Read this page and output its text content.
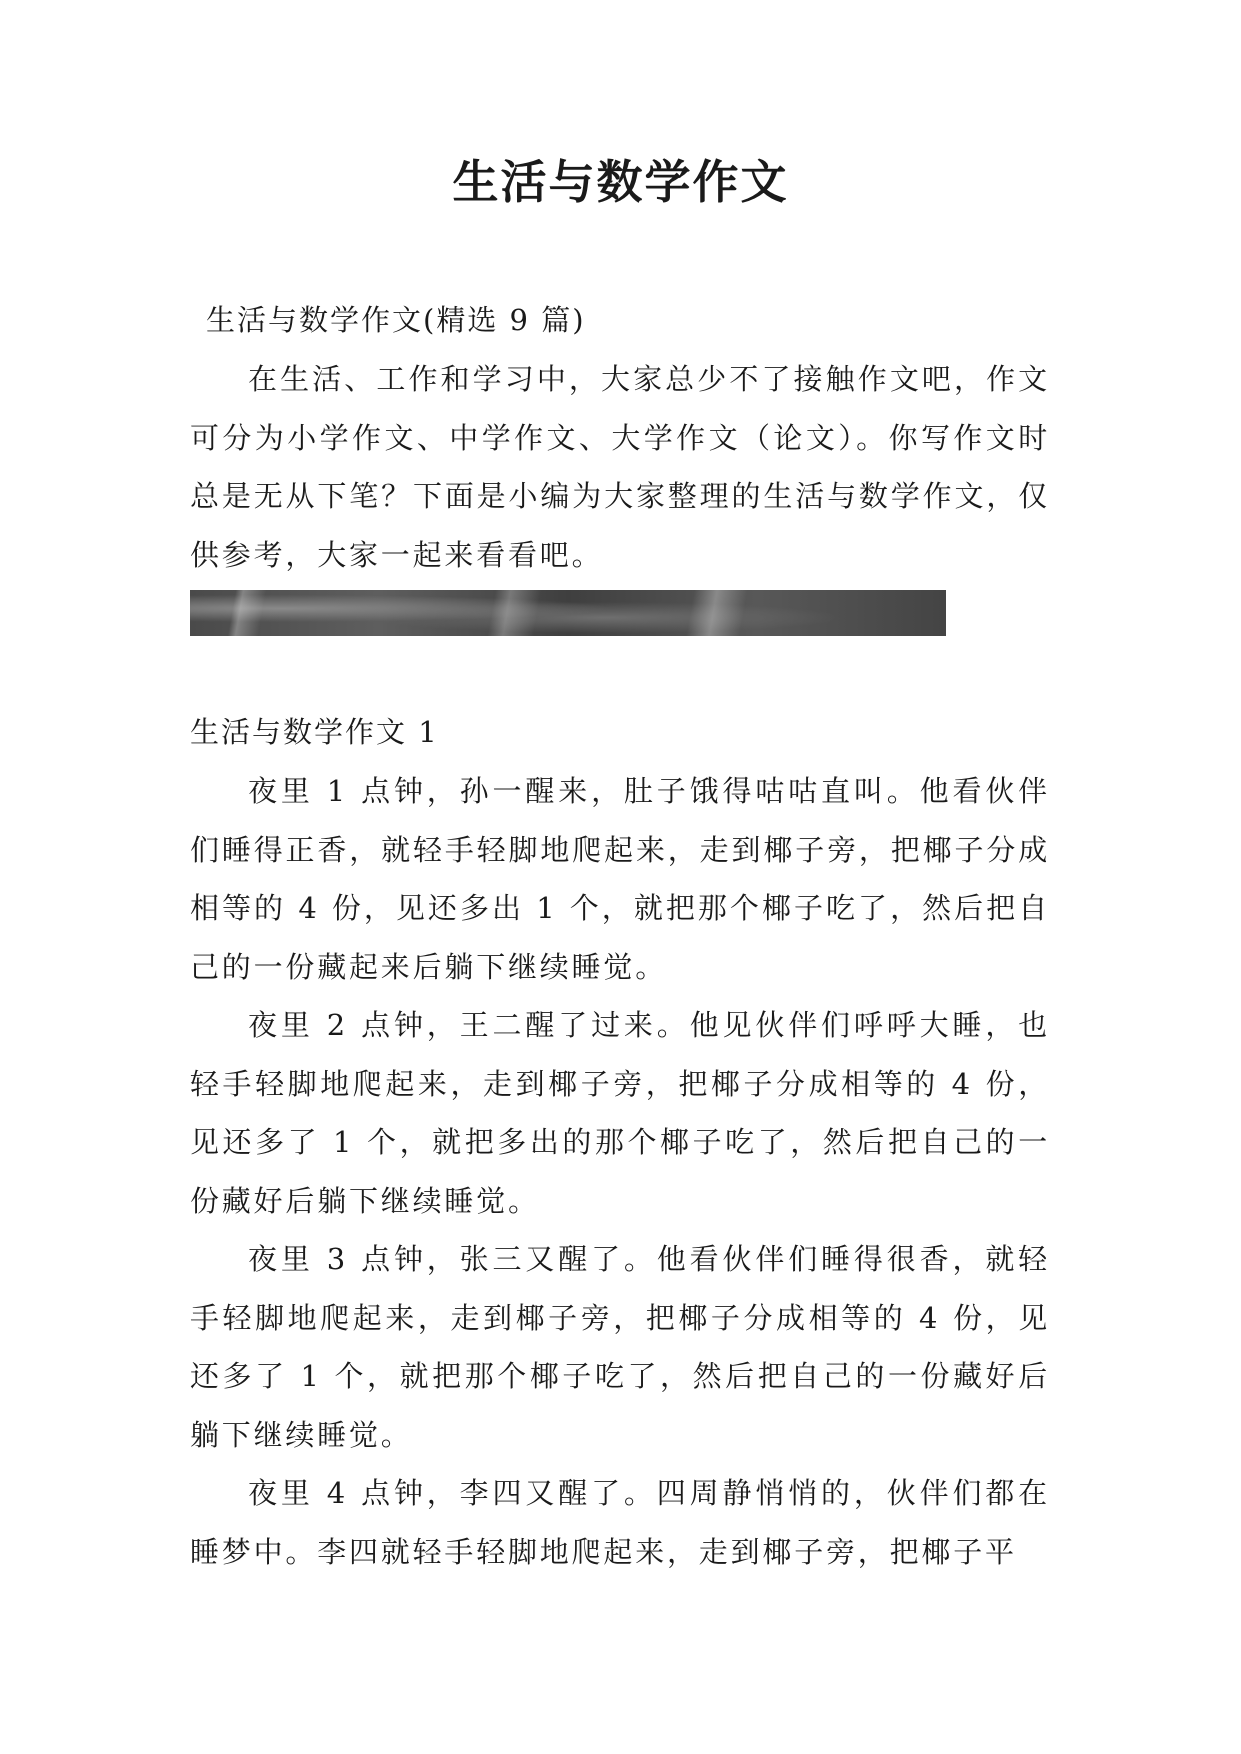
生活与数学作文

生活与数学作文(精选 9 篇)

在生活、工作和学习中，大家总少不了接触作文吧，作文可分为小学作文、中学作文、大学作文（论文）。你写作文时总是无从下笔？下面是小编为大家整理的生活与数学作文，仅供参考，大家一起来看看吧。

生活与数学作文 1

夜里 1 点钟，孙一醒来，肚子饿得咕咕直叫。他看伙伴们睡得正香，就轻手轻脚地爬起来，走到椰子旁，把椰子分成相等的 4 份，见还多出 1 个，就把那个椰子吃了，然后把自己的一份藏起来后躺下继续睡觉。

夜里 2 点钟，王二醒了过来。他见伙伴们呼呼大睡，也轻手轻脚地爬起来，走到椰子旁，把椰子分成相等的 4 份，见还多了 1 个，就把多出的那个椰子吃了，然后把自己的一份藏好后躺下继续睡觉。

夜里 3 点钟，张三又醒了。他看伙伴们睡得很香，就轻手轻脚地爬起来，走到椰子旁，把椰子分成相等的 4 份，见还多了 1 个，就把那个椰子吃了，然后把自己的一份藏好后躺下继续睡觉。

夜里 4 点钟，李四又醒了。四周静悄悄的，伙伴们都在睡梦中。李四就轻手轻脚地爬起来，走到椰子旁，把椰子平
